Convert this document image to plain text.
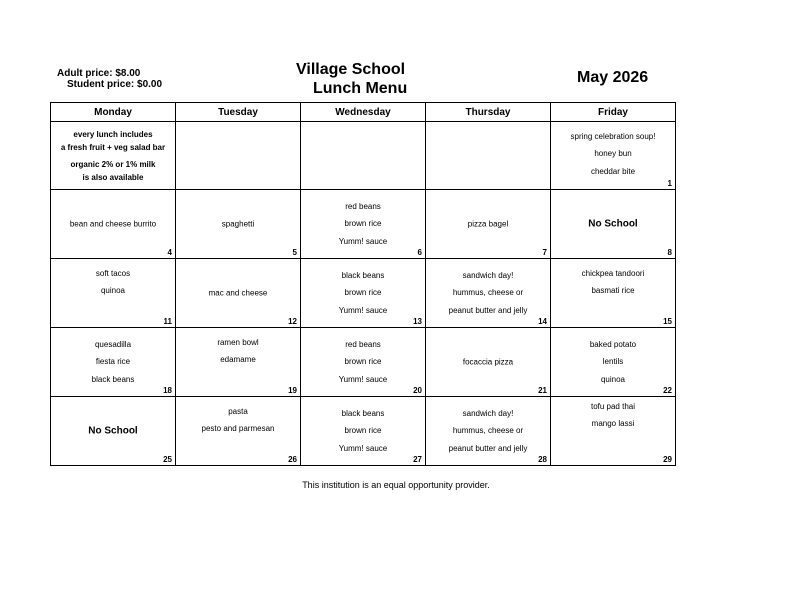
Adult price: $8.00
Student price: $0.00
Village School
Lunch Menu
May 2026
Monday	Tuesday	Wednesday	Thursday	Friday

every lunch includes
a fresh fruit + veg salad bar
organic 2% or 1% milk
is also available				spring celebration soup!
honey bun
cheddar bite
1

bean and cheese burrito
4	spaghetti
5	red beans
brown rice
Yumm! sauce
6	pizza bagel
7	No School
8

soft tacos
quinoa
11	mac and cheese
12	black beans
brown rice
Yumm! sauce
13	sandwich day!
hummus, cheese or
peanut butter and jelly
14	chickpea tandoori
basmati rice
15

quesadilla
fiesta rice
black beans
18	ramen bowl
edamame
19	red beans
brown rice
Yumm! sauce
20	focaccia pizza
21	baked potato
lentils
quinoa
22

No School
25	pasta
pesto and parmesan
26	black beans
brown rice
Yumm! sauce
27	sandwich day!
hummus, cheese or
peanut butter and jelly
28	tofu pad thai
mango lassi
29
This institution is an equal opportunity provider.
